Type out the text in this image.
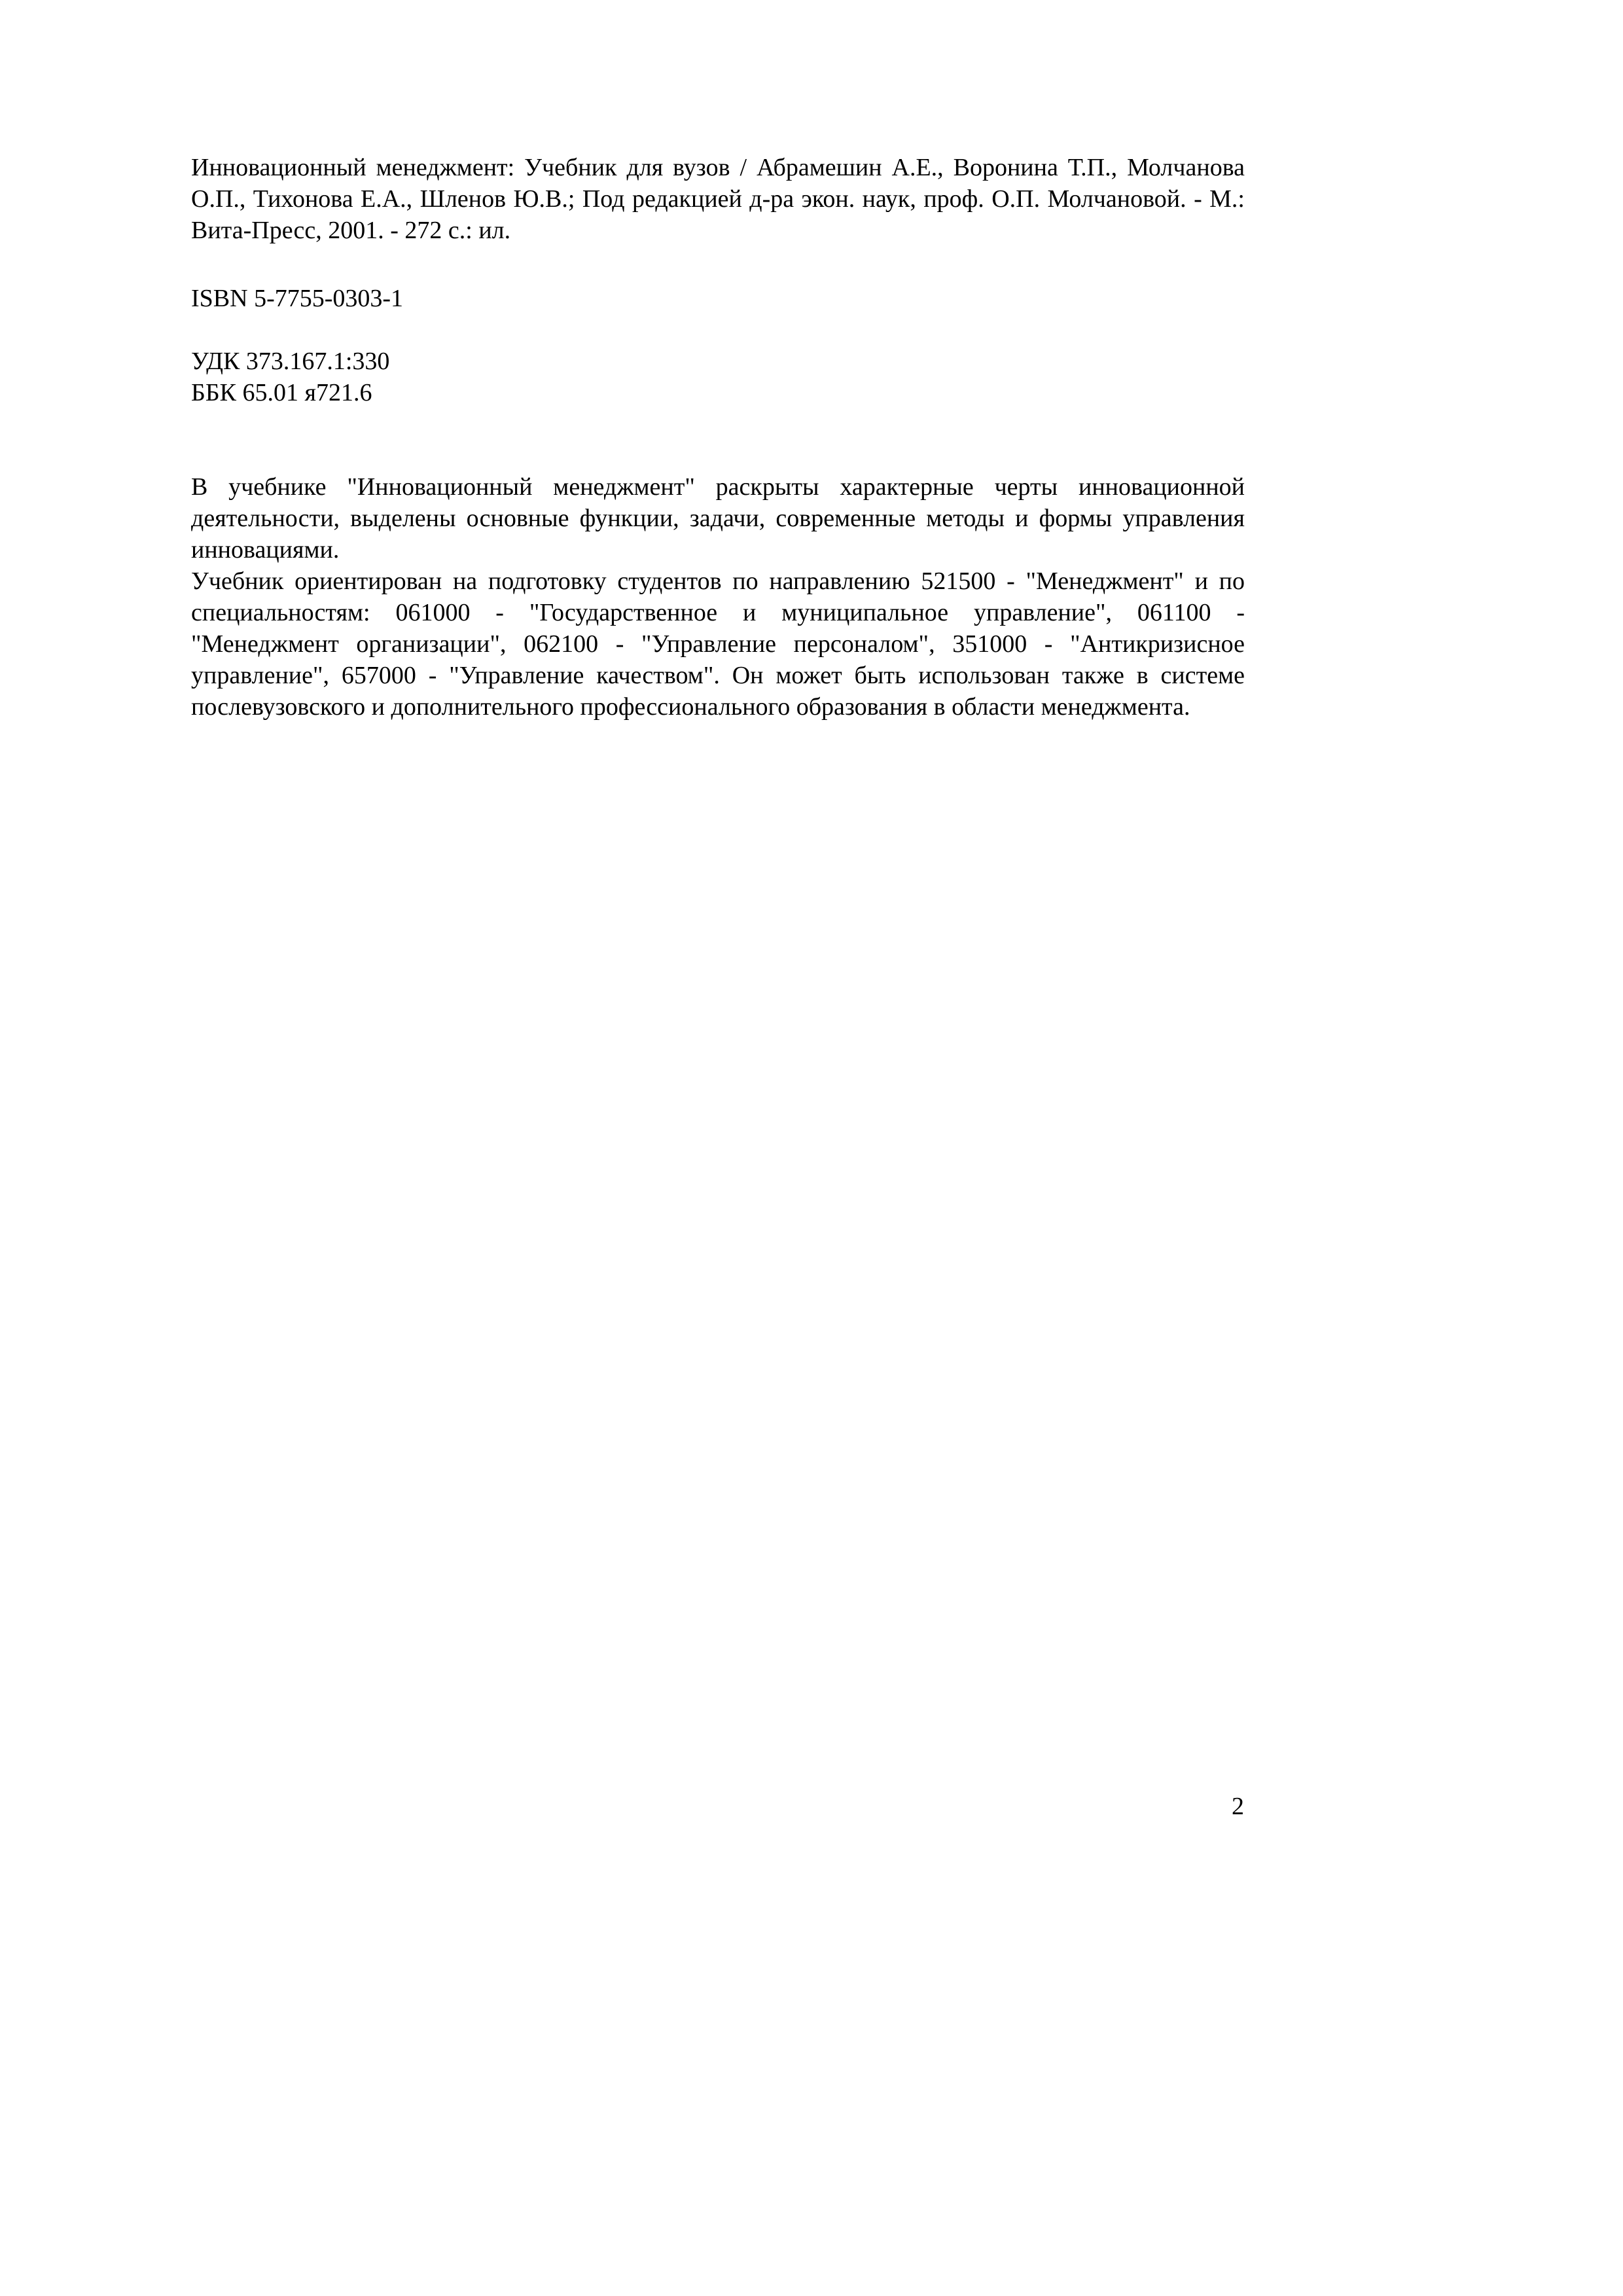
Инновационный менеджмент: Учебник для вузов / Абрамешин А.Е., Воронина Т.П., Молчанова О.П., Тихонова Е.А., Шленов Ю.В.; Под редакцией д-ра экон. наук, проф. О.П. Молчановой. - М.: Вита-Пресс, 2001. - 272 с.: ил.

ISBN 5-7755-0303-1

УДК 373.167.1:330

ББК 65.01 я721.6

В учебнике "Инновационный менеджмент" раскрыты характерные черты инновационной деятельности, выделены основные функции, задачи, современные методы и формы управления инновациями.

Учебник ориентирован на подготовку студентов по направлению 521500 - "Менеджмент" и по специальностям: 061000 - "Государственное и муниципальное управление", 061100 - "Менеджмент организации", 062100 - "Управление персоналом", 351000 - "Антикризисное управление", 657000 - "Управление качеством". Он может быть использован также в системе послевузовского и дополнительного профессионального образования в области менеджмента.

2
